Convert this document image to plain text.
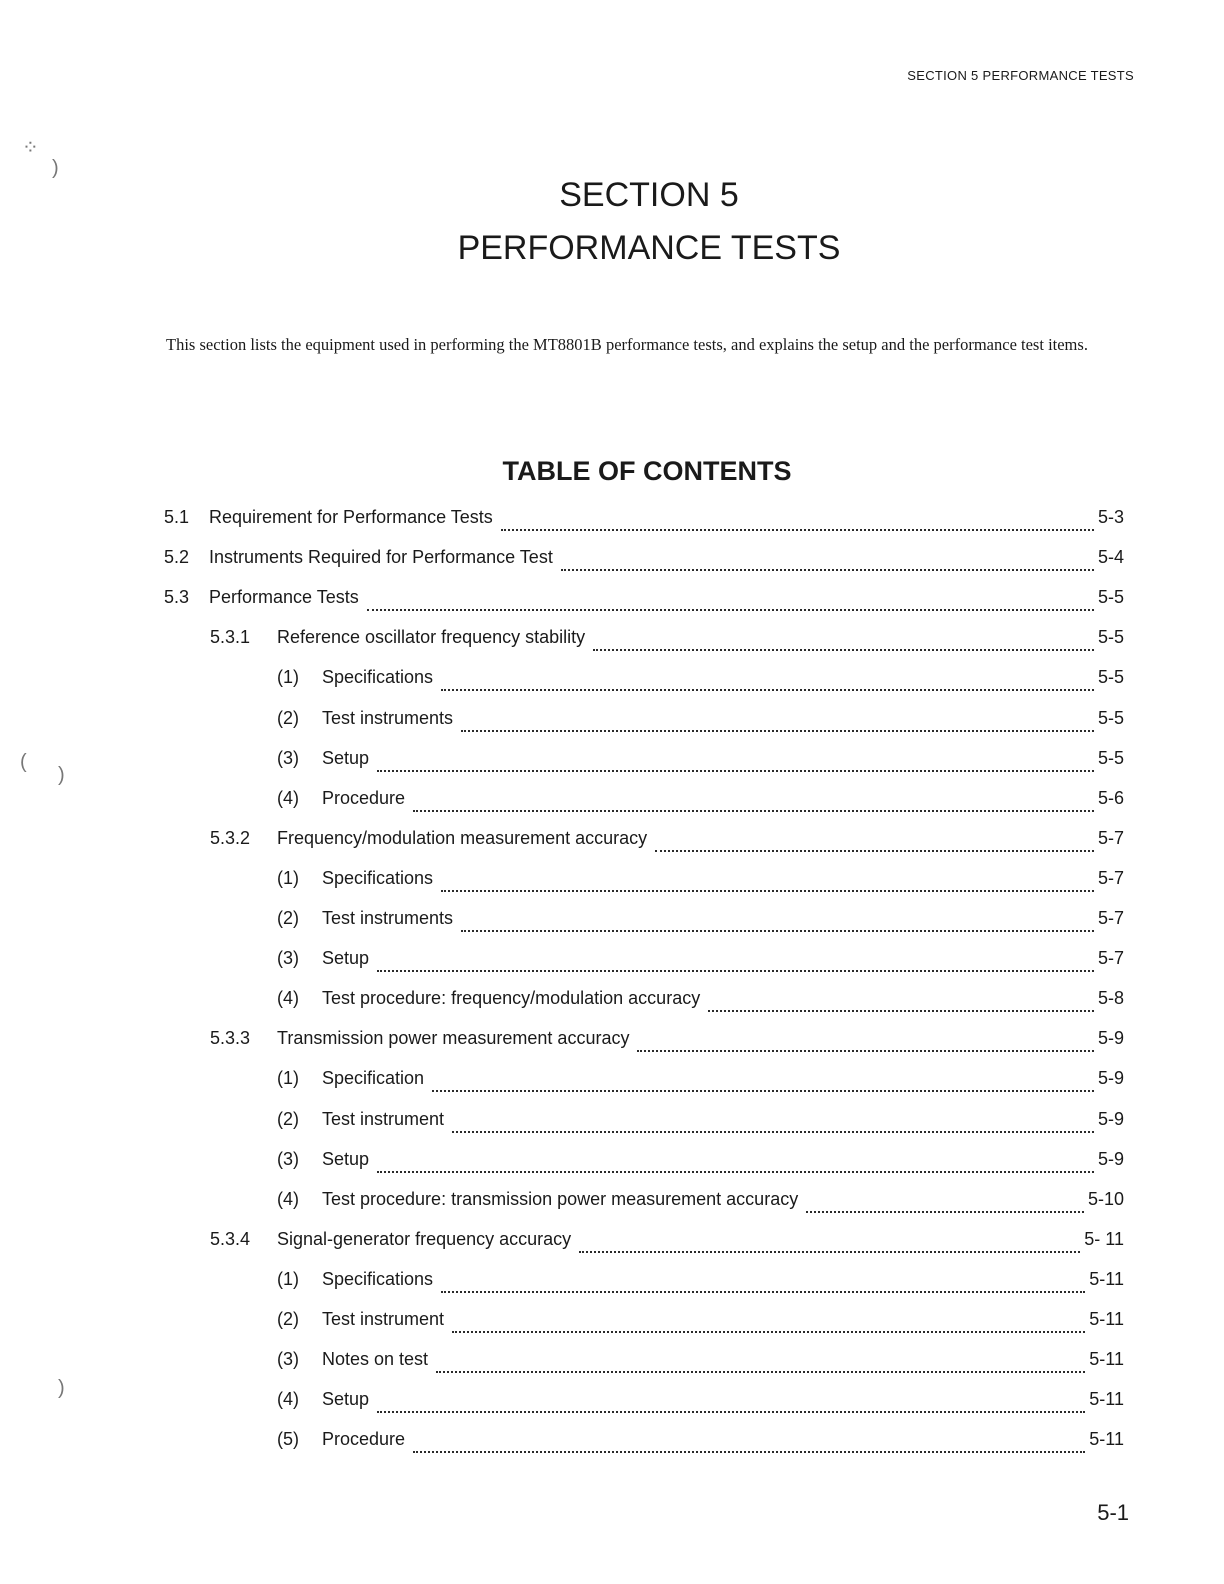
⁘
)
(
)
)
SECTION 5 PERFORMANCE TESTS
SECTION 5
PERFORMANCE TESTS

This section lists the equipment used in performing the MT8801B performance tests, and explains the setup and the performance test items.

TABLE OF CONTENTS
5.1 Requirement for Performance Tests	5-3
5.2 Instruments Required for Performance Test	5-4
5.3 Performance Tests	5-5
5.3.1 Reference oscillator frequency stability	5-5
(1) Specifications	5-5
(2) Test instruments	5-5
(3) Setup	5-5
(4) Procedure	5-6
5.3.2 Frequency/modulation measurement accuracy	5-7
(1) Specifications	5-7
(2) Test instruments	5-7
(3) Setup	5-7
(4) Test procedure: frequency/modulation accuracy	5-8
5.3.3 Transmission power measurement accuracy	5-9
(1) Specification	5-9
(2) Test instrument	5-9
(3) Setup	5-9
(4) Test procedure: transmission power measurement accuracy	5-10
5.3.4 Signal-generator frequency accuracy	5- 11
(1) Specifications	5-11
(2) Test instrument	5-11
(3) Notes on test	5-11
(4) Setup	5-11
(5) Procedure	5-11
5-1
